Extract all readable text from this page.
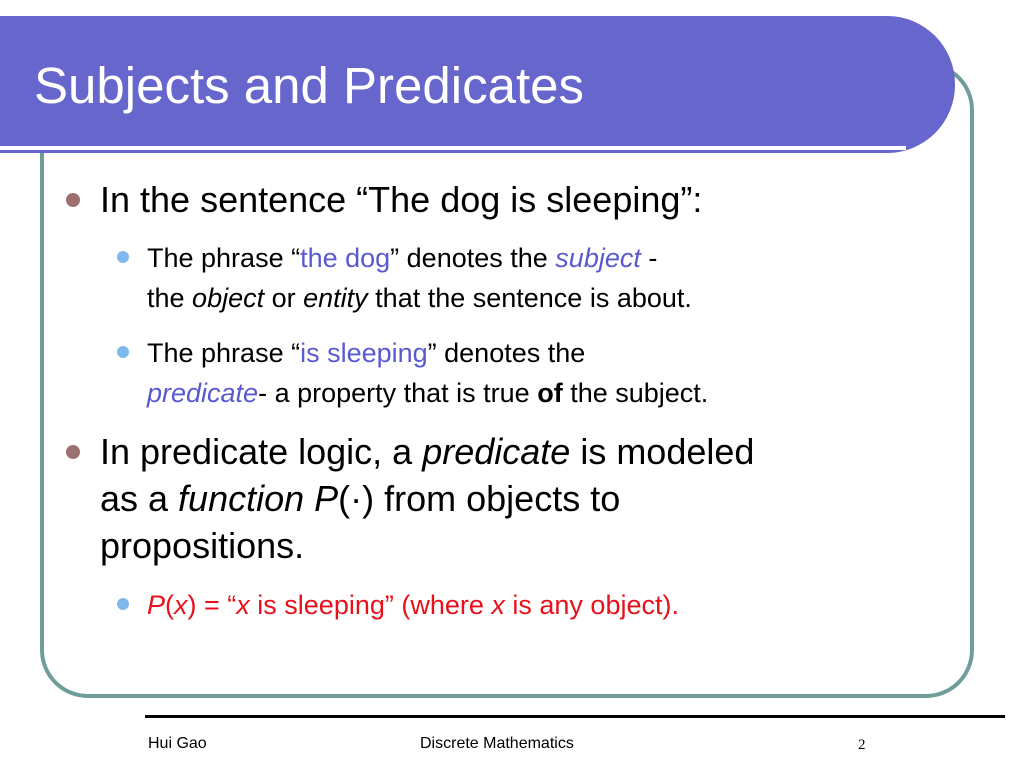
Subjects and Predicates
In the sentence “The dog is sleeping”:
The phrase “the dog” denotes the subject -
the object or entity that the sentence is about.
The phrase “is sleeping” denotes the
predicate- a property that is true of the subject.
In predicate logic, a predicate is modeled
as a function P(·) from objects to
propositions.
P(x) = “x is sleeping” (where x is any object).
Hui Gao	Discrete Mathematics	2
